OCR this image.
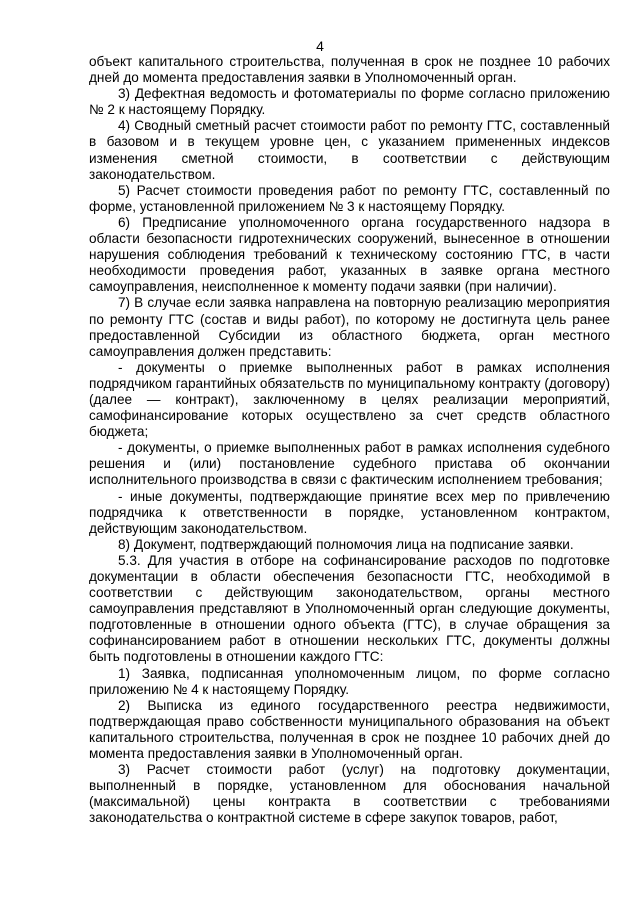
4

объект капитального строительства, полученная в срок не позднее 10 рабочих дней до момента предоставления заявки в Уполномоченный орган.

3) Дефектная ведомость и фотоматериалы по форме согласно приложению № 2 к настоящему Порядку.

4) Сводный сметный расчет стоимости работ по ремонту ГТС, составленный в базовом и в текущем уровне цен, с указанием примененных индексов изменения сметной стоимости, в соответствии с действующим законодательством.

5) Расчет стоимости проведения работ по ремонту ГТС, составленный по форме, установленной приложением № 3 к настоящему Порядку.

6) Предписание уполномоченного органа государственного надзора в области безопасности гидротехнических сооружений, вынесенное в отношении нарушения соблюдения требований к техническому состоянию ГТС, в части необходимости проведения работ, указанных в заявке органа местного самоуправления, неисполненное к моменту подачи заявки (при наличии).

7) В случае если заявка направлена на повторную реализацию мероприятия по ремонту ГТС (состав и виды работ), по которому не достигнута цель ранее предоставленной Субсидии из областного бюджета, орган местного самоуправления должен представить:

- документы о приемке выполненных работ в рамках исполнения подрядчиком гарантийных обязательств по муниципальному контракту (договору) (далее — контракт), заключенному в целях реализации мероприятий, самофинансирование которых осуществлено за счет средств областного бюджета;

- документы, о приемке выполненных работ в рамках исполнения судебного решения и (или) постановление судебного пристава об окончании исполнительного производства в связи с фактическим исполнением требования;

- иные документы, подтверждающие принятие всех мер по привлечению подрядчика к ответственности в порядке, установленном контрактом, действующим законодательством.

8) Документ, подтверждающий полномочия лица на подписание заявки.

5.3. Для участия в отборе на софинансирование расходов по подготовке документации в области обеспечения безопасности ГТС, необходимой в соответствии с действующим законодательством, органы местного самоуправления представляют в Уполномоченный орган следующие документы, подготовленные в отношении одного объекта (ГТС), в случае обращения за софинансированием работ в отношении нескольких ГТС, документы должны быть подготовлены в отношении каждого ГТС:

1) Заявка, подписанная уполномоченным лицом, по форме согласно приложению № 4 к настоящему Порядку.

2) Выписка из единого государственного реестра недвижимости, подтверждающая право собственности муниципального образования на объект капитального строительства, полученная в срок не позднее 10 рабочих дней до момента предоставления заявки в Уполномоченный орган.

3) Расчет стоимости работ (услуг) на подготовку документации, выполненный в порядке, установленном для обоснования начальной (максимальной) цены контракта в соответствии с требованиями законодательства о контрактной системе в сфере закупок товаров, работ,
